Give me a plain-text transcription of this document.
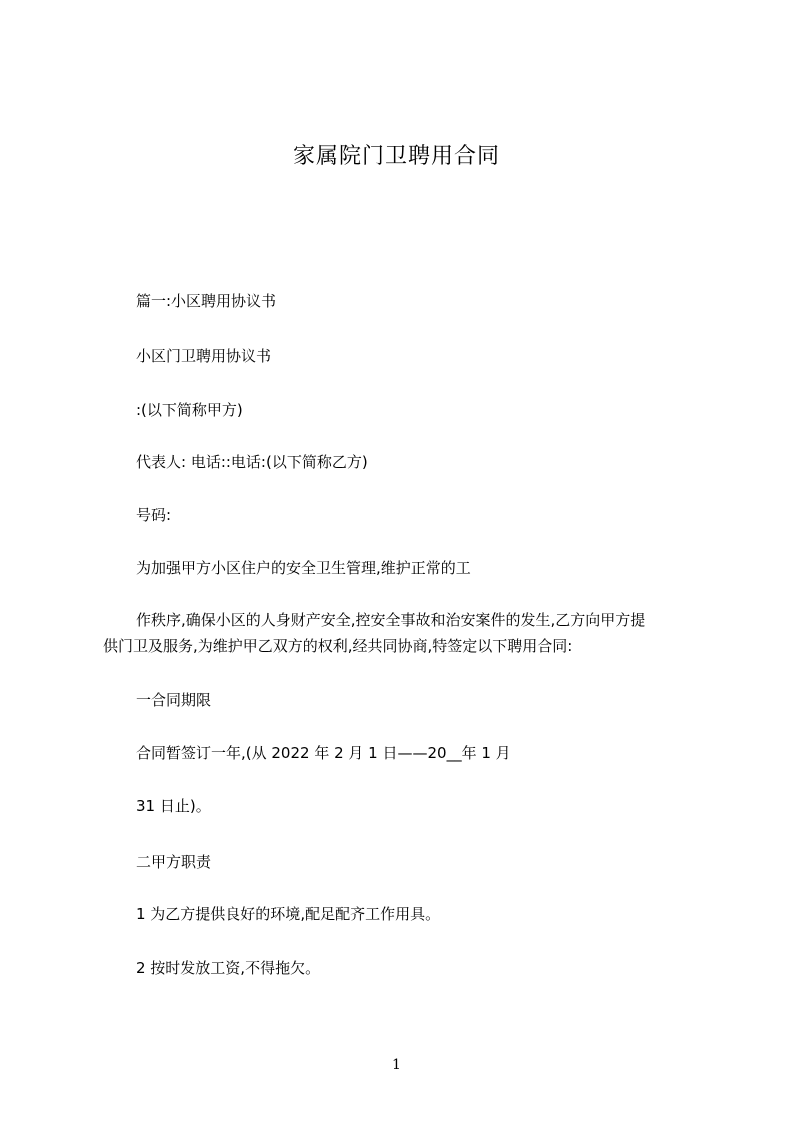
家属院门卫聘用合同
篇一:小区聘用协议书
小区门卫聘用协议书
:(以下简称甲方)
代表人: 电话::电话:(以下简称乙方)
号码:
为加强甲方小区住户的安全卫生管理,维护正常的工
作秩序,确保小区的人身财产安全,控安全事故和治安案件的发生,乙方向甲方提
供门卫及服务,为维护甲乙双方的权利,经共同协商,特签定以下聘用合同:
一合同期限
合同暂签订一年,(从 2022 年 2 月 1 日——20__年 1 月
31 日止)。
二甲方职责
1 为乙方提供良好的环境,配足配齐工作用具。
2 按时发放工资,不得拖欠。
1
